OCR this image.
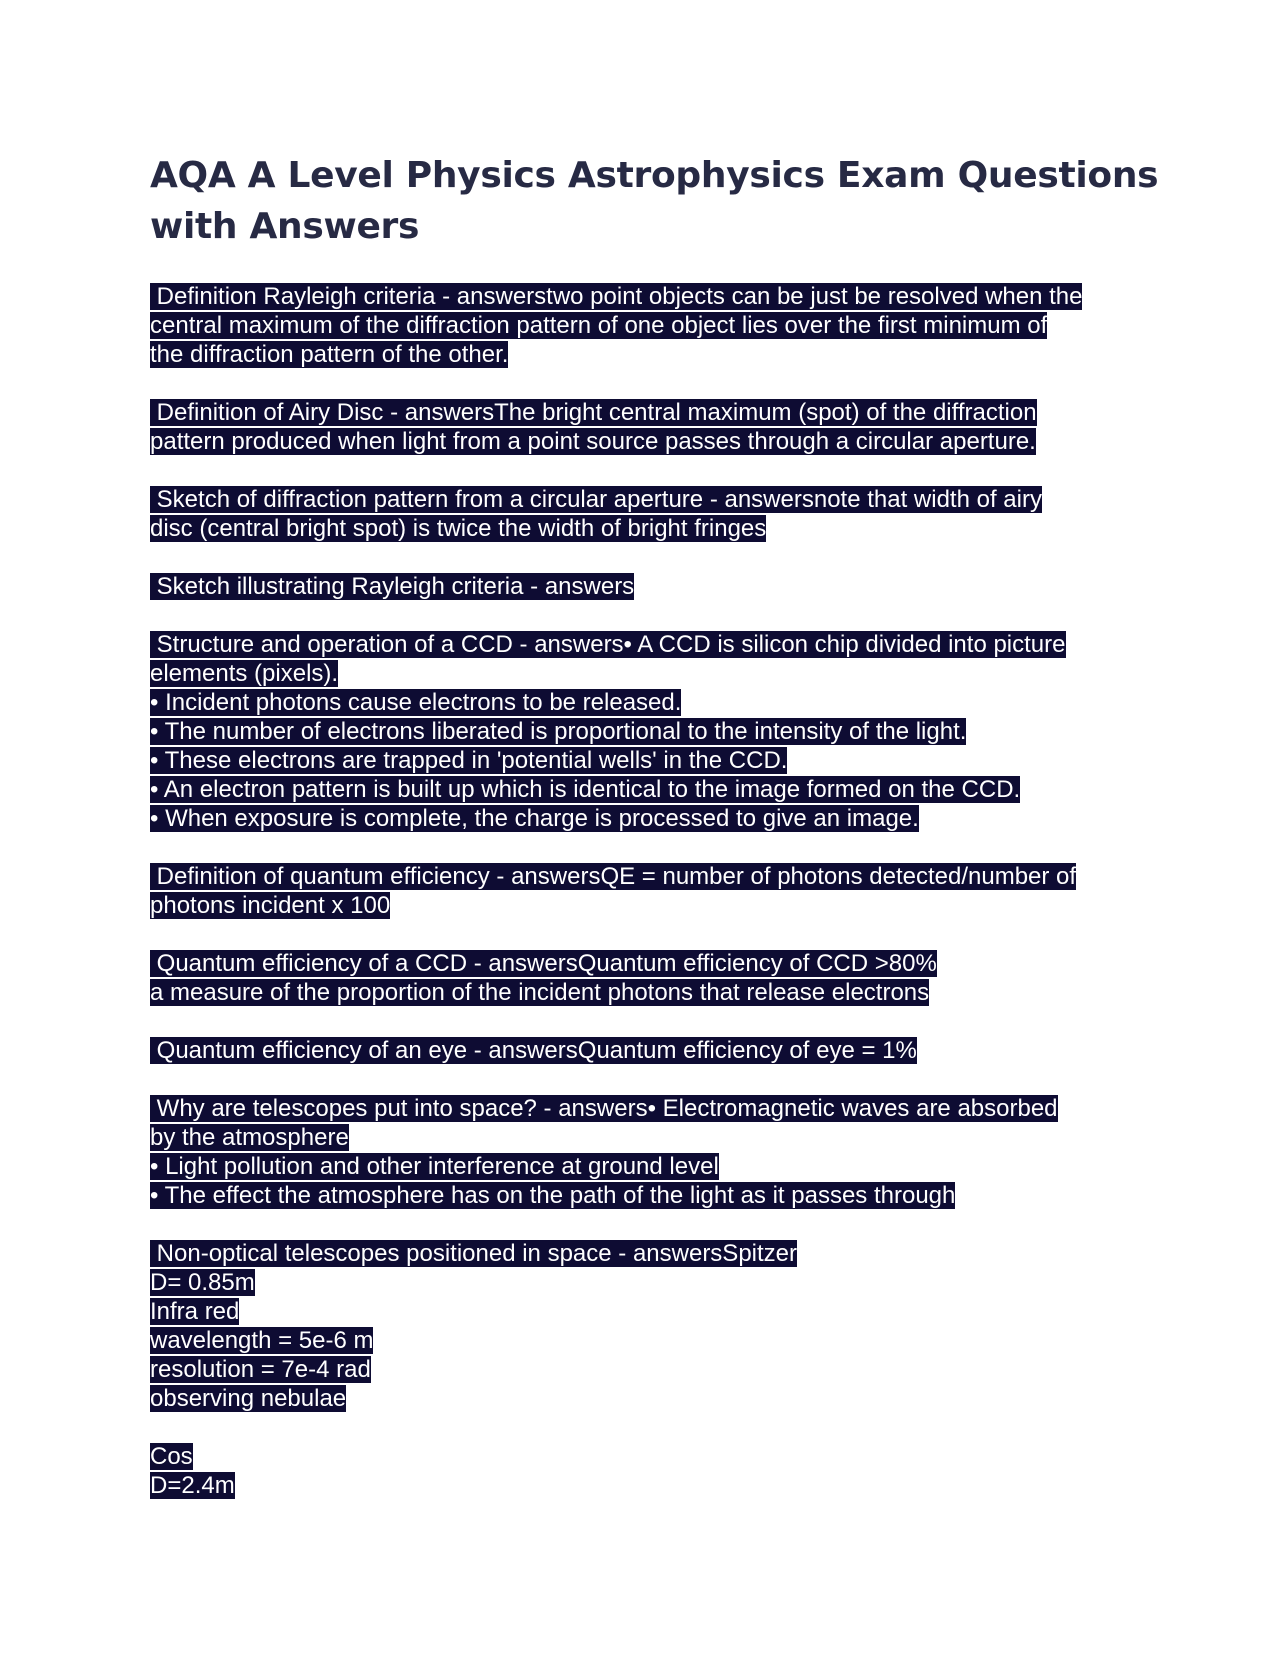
AQA A Level Physics Astrophysics Exam Questions
with Answers
Definition Rayleigh criteria - answerstwo point objects can be just be resolved when the
central maximum of the diffraction pattern of one object lies over the first minimum of
the diffraction pattern of the other.
Definition of Airy Disc - answersThe bright central maximum (spot) of the diffraction
pattern produced when light from a point source passes through a circular aperture.
Sketch of diffraction pattern from a circular aperture - answersnote that width of airy
disc (central bright spot) is twice the width of bright fringes
Sketch illustrating Rayleigh criteria - answers
Structure and operation of a CCD - answers• A CCD is silicon chip divided into picture
elements (pixels).
• Incident photons cause electrons to be released.
• The number of electrons liberated is proportional to the intensity of the light.
• These electrons are trapped in 'potential wells' in the CCD.
• An electron pattern is built up which is identical to the image formed on the CCD.
• When exposure is complete, the charge is processed to give an image.
Definition of quantum efficiency - answersQE = number of photons detected/number of
photons incident x 100
Quantum efficiency of a CCD - answersQuantum efficiency of CCD >80%
a measure of the proportion of the incident photons that release electrons
Quantum efficiency of an eye - answersQuantum efficiency of eye = 1%
Why are telescopes put into space? - answers• Electromagnetic waves are absorbed
by the atmosphere
• Light pollution and other interference at ground level
• The effect the atmosphere has on the path of the light as it passes through
Non-optical telescopes positioned in space - answersSpitzer
D= 0.85m
Infra red
wavelength = 5e-6 m
resolution = 7e-4 rad
observing nebulae
Cos
D=2.4m
